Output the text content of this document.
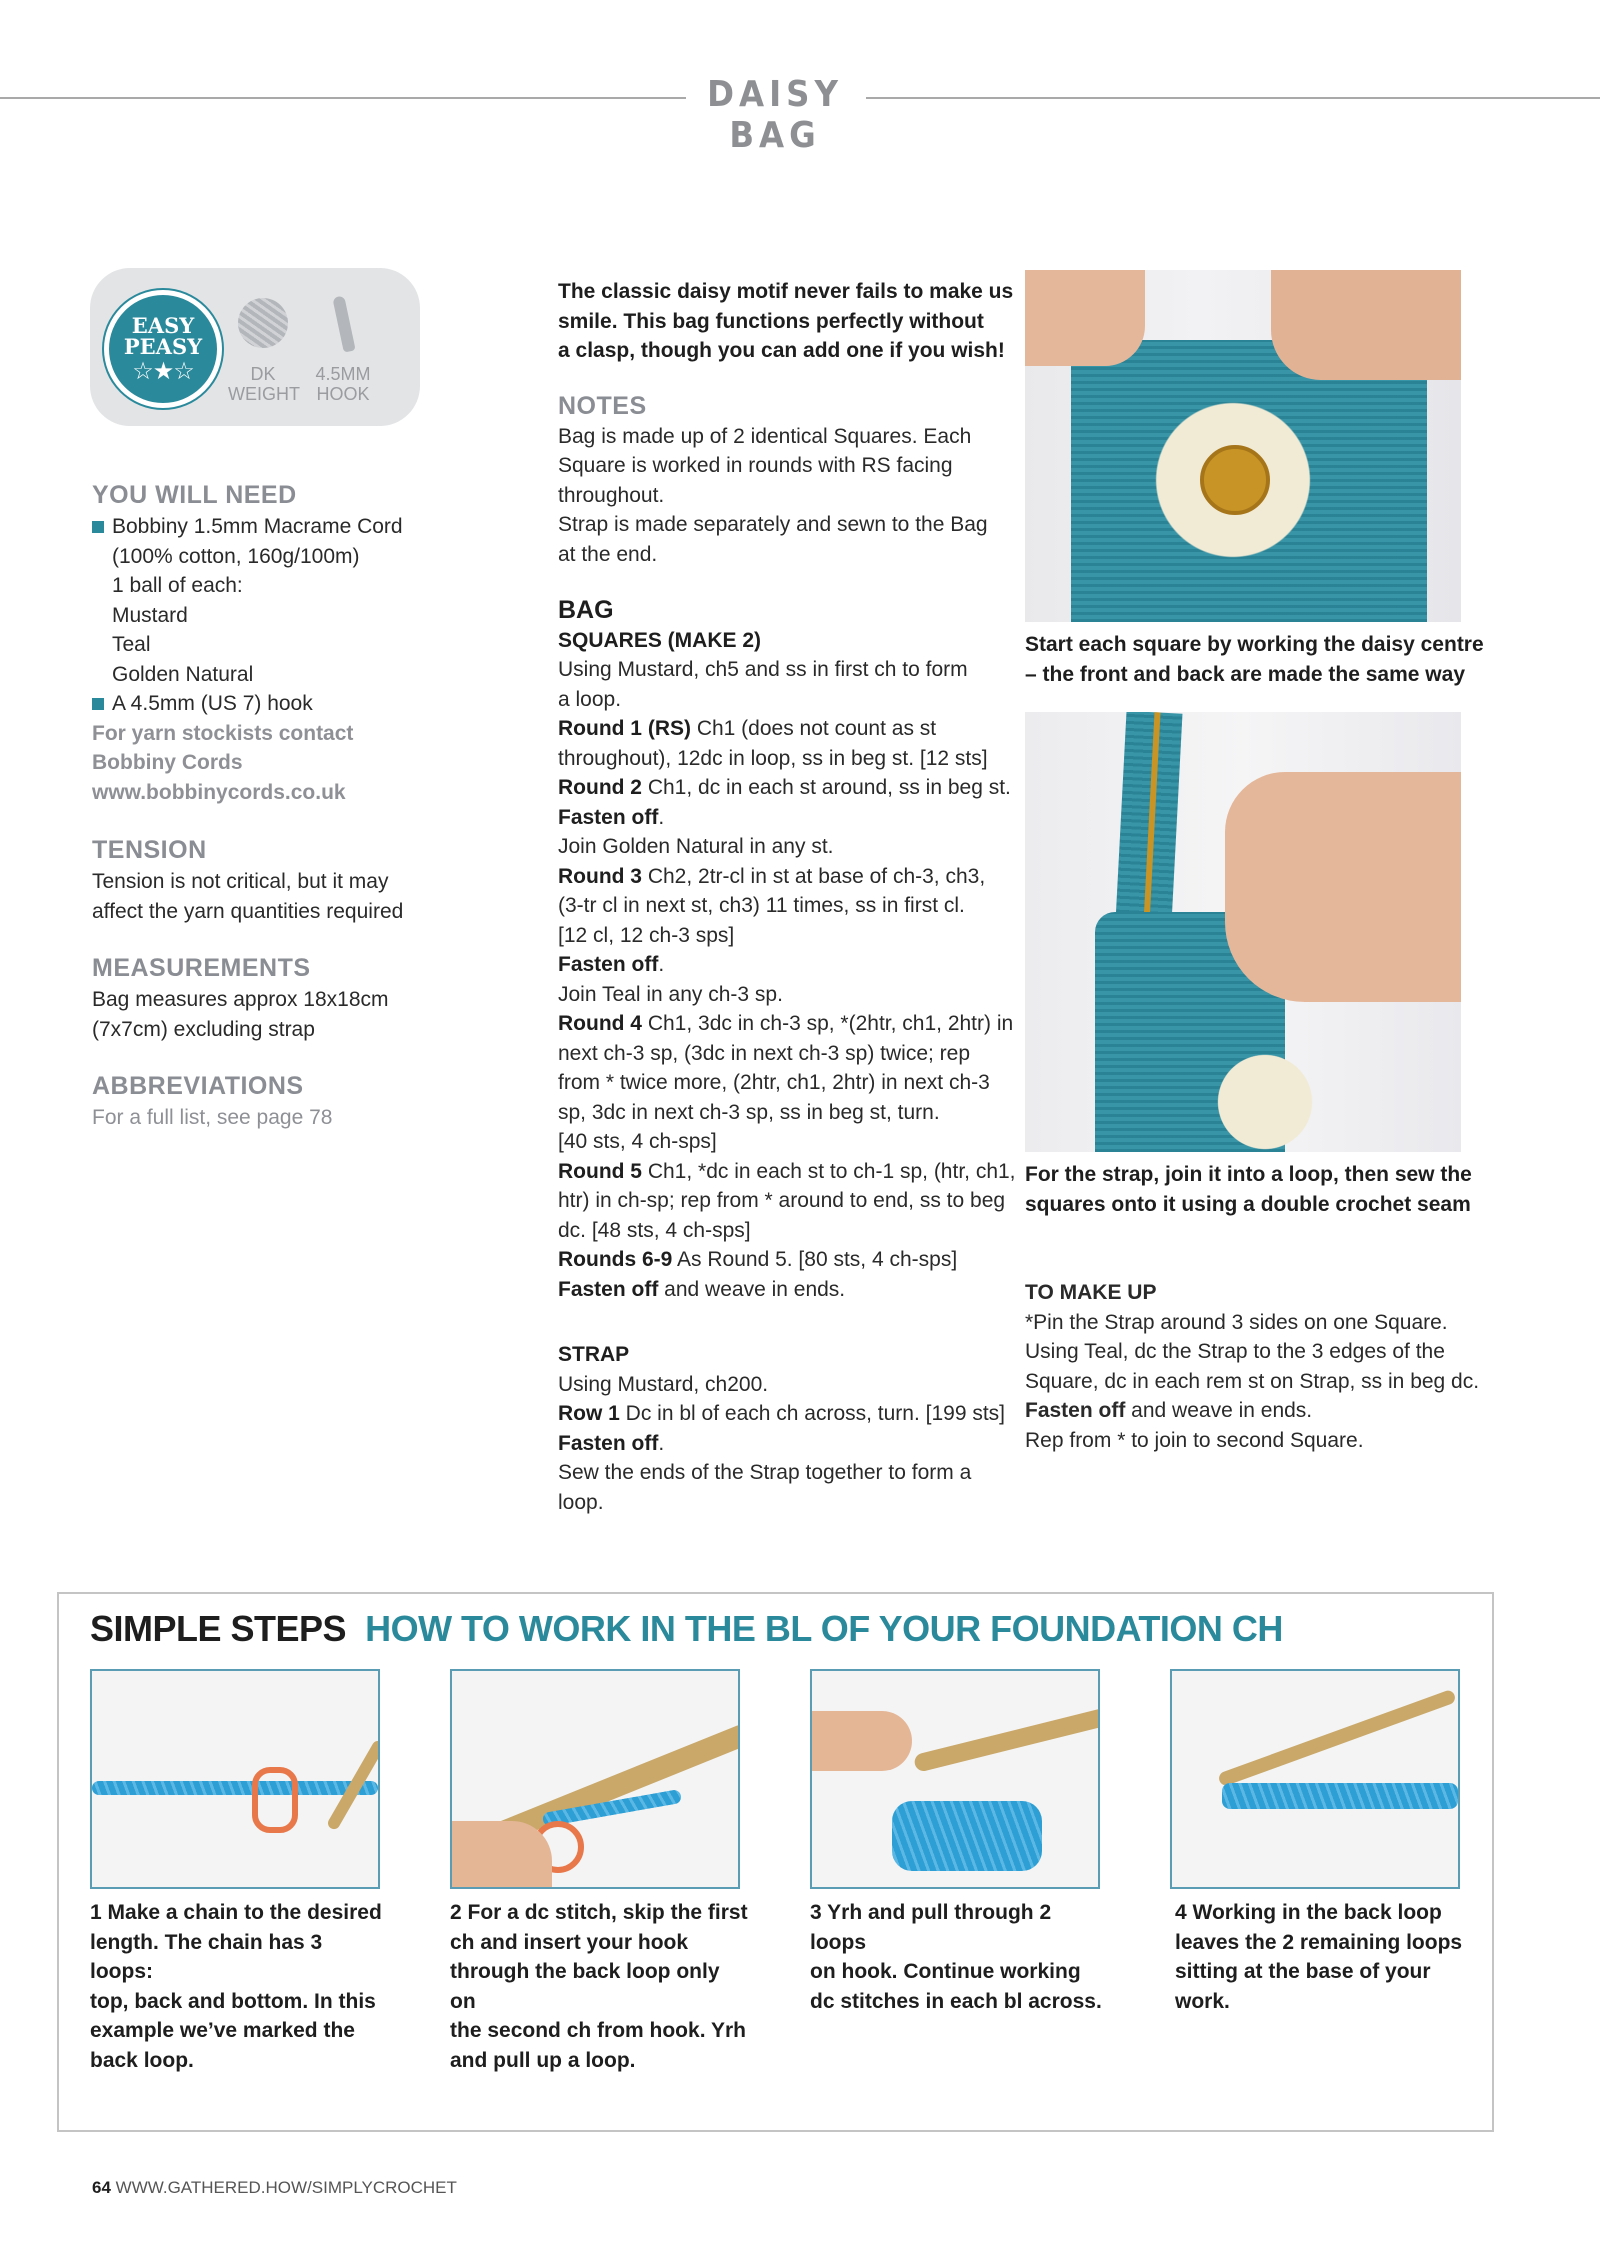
DAISY BAG
EASY
PEASY
☆★☆	DK
WEIGHT
4.5MM
HOOK
YOU WILL NEED
Bobbiny 1.5mm Macrame Cord
(100% cotton, 160g/100m)
1 ball of each:
Mustard
Teal
Golden Natural
A 4.5mm (US 7) hook
For yarn stockists contact
Bobbiny Cords
www.bobbinycords.co.uk
TENSION
Tension is not critical, but it may
affect the yarn quantities required
MEASUREMENTS
Bag measures approx 18x18cm
(7x7cm) excluding strap
ABBREVIATIONS
For a full list, see page 78
The classic daisy motif never fails to make us
smile. This bag functions perfectly without
a clasp, though you can add one if you wish!
NOTES
Bag is made up of 2 identical Squares. Each
Square is worked in rounds with RS facing
throughout.
Strap is made separately and sewn to the Bag
at the end.
BAG
SQUARES (MAKE 2)
Using Mustard, ch5 and ss in first ch to form
a loop.
Round 1 (RS) Ch1 (does not count as st
throughout), 12dc in loop, ss in beg st. [12 sts]
Round 2 Ch1, dc in each st around, ss in beg st.
Fasten off.
Join Golden Natural in any st.
Round 3 Ch2, 2tr-cl in st at base of ch-3, ch3,
(3-tr cl in next st, ch3) 11 times, ss in first cl.
[12 cl, 12 ch-3 sps]
Fasten off.
Join Teal in any ch-3 sp.
Round 4 Ch1, 3dc in ch-3 sp, *(2htr, ch1, 2htr) in
next ch-3 sp, (3dc in next ch-3 sp) twice; rep
from * twice more, (2htr, ch1, 2htr) in next ch-3
sp, 3dc in next ch-3 sp, ss in beg st, turn.
[40 sts, 4 ch-sps]
Round 5 Ch1, *dc in each st to ch-1 sp, (htr, ch1,
htr) in ch-sp; rep from * around to end, ss to beg
dc. [48 sts, 4 ch-sps]
Rounds 6-9 As Round 5. [80 sts, 4 ch-sps]
Fasten off and weave in ends.
STRAP
Using Mustard, ch200.
Row 1 Dc in bl of each ch across, turn. [199 sts]
Fasten off.
Sew the ends of the Strap together to form a
loop.
Start each square by working the daisy centre
– the front and back are made the same way
For the strap, join it into a loop, then sew the
squares onto it using a double crochet seam
TO MAKE UP
*Pin the Strap around 3 sides on one Square.
Using Teal, dc the Strap to the 3 edges of the
Square, dc in each rem st on Strap, ss in beg dc.
Fasten off and weave in ends.
Rep from * to join to second Square.
SIMPLE STEPS HOW TO WORK IN THE BL OF YOUR FOUNDATION CH
1 Make a chain to the desired
length. The chain has 3 loops:
top, back and bottom. In this
example we’ve marked the
back loop.
2 For a dc stitch, skip the first
ch and insert your hook
through the back loop only on
the second ch from hook. Yrh
and pull up a loop.
3 Yrh and pull through 2 loops
on hook. Continue working
dc stitches in each bl across.
4 Working in the back loop
leaves the 2 remaining loops
sitting at the base of your
work.
64 WWW.GATHERED.HOW/SIMPLYCROCHET
